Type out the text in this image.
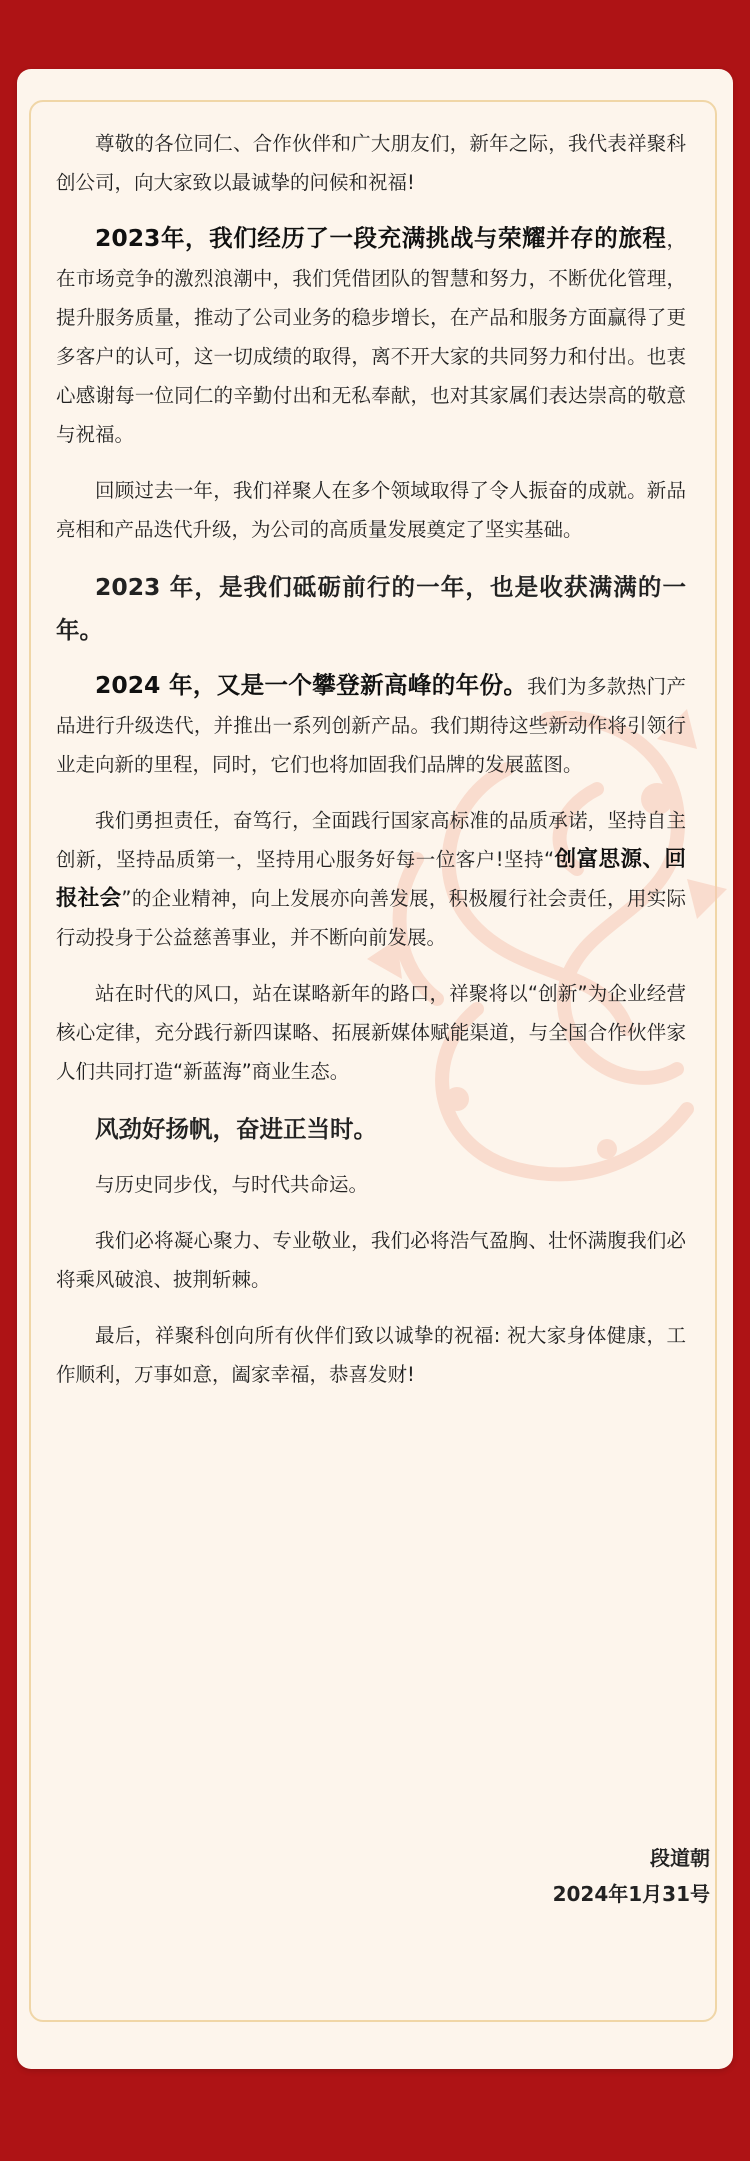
尊敬的各位同仁、合作伙伴和广大朋友们，新年之际，我代表祥聚科创公司，向大家致以最诚挚的问候和祝福!

2023年，我们经历了一段充满挑战与荣耀并存的旅程，在市场竞争的激烈浪潮中，我们凭借团队的智慧和努力，不断优化管理，提升服务质量，推动了公司业务的稳步增长，在产品和服务方面赢得了更多客户的认可，这一切成绩的取得，离不开大家的共同努力和付出。也衷心感谢每一位同仁的辛勤付出和无私奉献，也对其家属们表达崇高的敬意与祝福。

回顾过去一年，我们祥聚人在多个领域取得了令人振奋的成就。新品亮相和产品迭代升级，为公司的高质量发展奠定了坚实基础。

2023 年，是我们砥砺前行的一年，也是收获满满的一年。

2024 年，又是一个攀登新高峰的年份。我们为多款热门产品进行升级迭代，并推出一系列创新产品。我们期待这些新动作将引领行业走向新的里程，同时，它们也将加固我们品牌的发展蓝图。

我们勇担责任，奋笃行，全面践行国家高标准的品质承诺，坚持自主创新，坚持品质第一，坚持用心服务好每一位客户!坚持“创富思源、回报社会”的企业精神，向上发展亦向善发展，积极履行社会责任，用实际行动投身于公益慈善事业，并不断向前发展。

站在时代的风口，站在谋略新年的路口，祥聚将以“创新”为企业经营核心定律，充分践行新四谋略、拓展新媒体赋能渠道，与全国合作伙伴家人们共同打造“新蓝海”商业生态。

风劲好扬帆，奋进正当时。

与历史同步伐，与时代共命运。

我们必将凝心聚力、专业敬业，我们必将浩气盈胸、壮怀满腹我们必将乘风破浪、披荆斩棘。

最后，祥聚科创向所有伙伴们致以诚挚的祝福: 祝大家身体健康，工作顺利，万事如意，阖家幸福，恭喜发财!

段道朝
2024年1月31号
